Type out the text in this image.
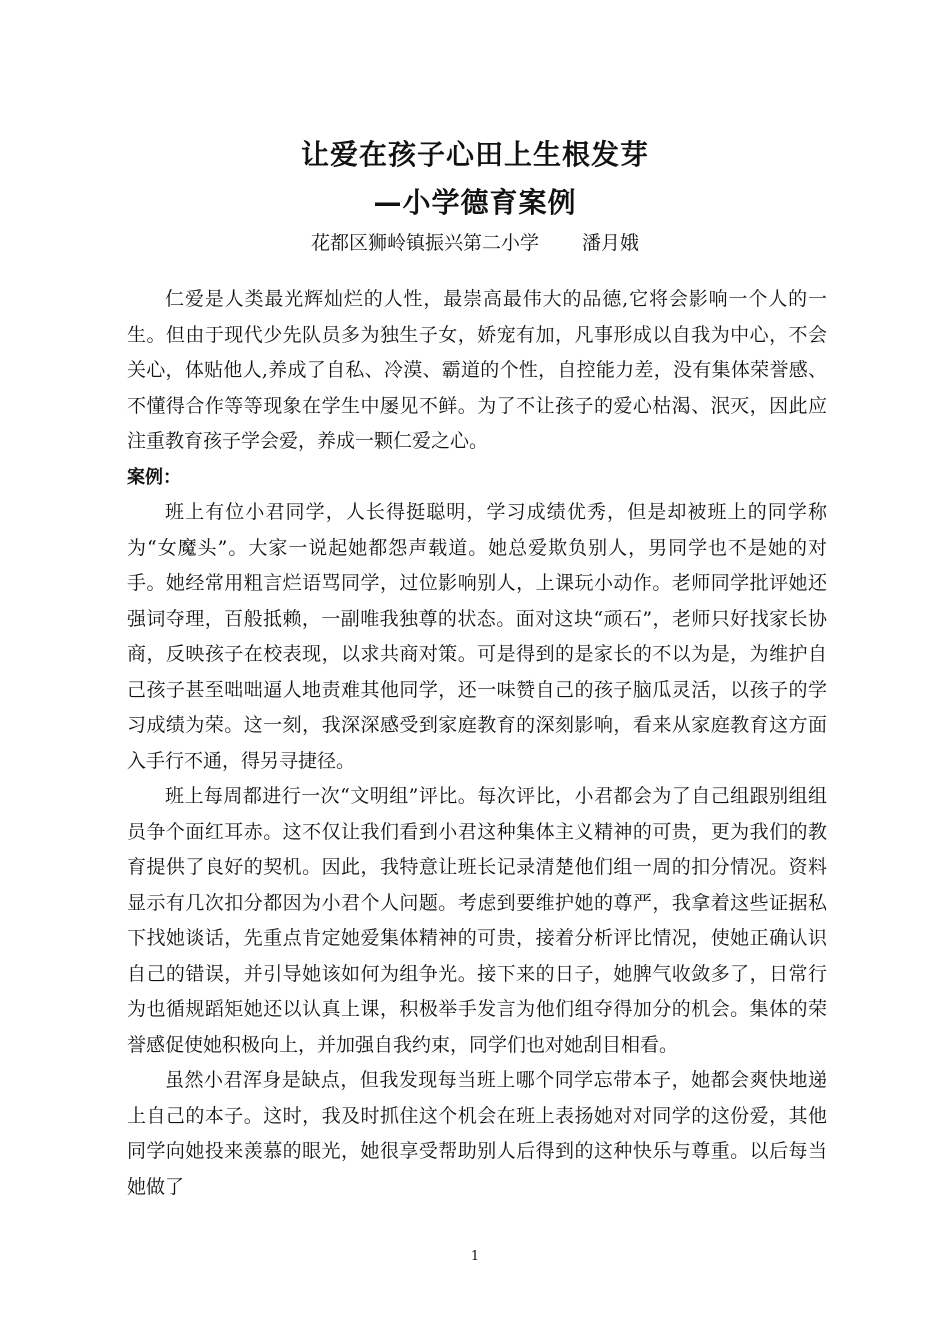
让爱在孩子心田上生根发芽
—小学德育案例
花都区狮岭镇振兴第二小学　 潘月娥

仁爱是人类最光辉灿烂的人性，最崇高最伟大的品德,它将会影响一个人的一生。但由于现代少先队员多为独生子女，娇宠有加，凡事形成以自我为中心，不会关心，体贴他人,养成了自私、冷漠、霸道的个性，自控能力差，没有集体荣誉感、不懂得合作等等现象在学生中屡见不鲜。为了不让孩子的爱心枯渴、泯灭，因此应注重教育孩子学会爱，养成一颗仁爱之心。

案例：

班上有位小君同学，人长得挺聪明，学习成绩优秀，但是却被班上的同学称为“女魔头”。大家一说起她都怨声载道。她总爱欺负别人，男同学也不是她的对手。她经常用粗言烂语骂同学，过位影响别人，上课玩小动作。老师同学批评她还强词夺理，百般抵赖，一副唯我独尊的状态。面对这块“顽石”，老师只好找家长协商，反映孩子在校表现，以求共商对策。可是得到的是家长的不以为是，为维护自己孩子甚至咄咄逼人地责难其他同学，还一味赞自己的孩子脑瓜灵活，以孩子的学习成绩为荣。这一刻，我深深感受到家庭教育的深刻影响，看来从家庭教育这方面入手行不通，得另寻捷径。

班上每周都进行一次“文明组”评比。每次评比，小君都会为了自己组跟别组组员争个面红耳赤。这不仅让我们看到小君这种集体主义精神的可贵，更为我们的教育提供了良好的契机。因此，我特意让班长记录清楚他们组一周的扣分情况。资料显示有几次扣分都因为小君个人问题。考虑到要维护她的尊严，我拿着这些证据私下找她谈话，先重点肯定她爱集体精神的可贵，接着分析评比情况，使她正确认识自己的错误，并引导她该如何为组争光。接下来的日子，她脾气收敛多了，日常行为也循规蹈矩她还以认真上课，积极举手发言为他们组夺得加分的机会。集体的荣誉感促使她积极向上，并加强自我约束，同学们也对她刮目相看。

虽然小君浑身是缺点，但我发现每当班上哪个同学忘带本子，她都会爽快地递上自己的本子。这时，我及时抓住这个机会在班上表扬她对对同学的这份爱，其他同学向她投来羡慕的眼光，她很享受帮助别人后得到的这种快乐与尊重。以后每当她做了

1
